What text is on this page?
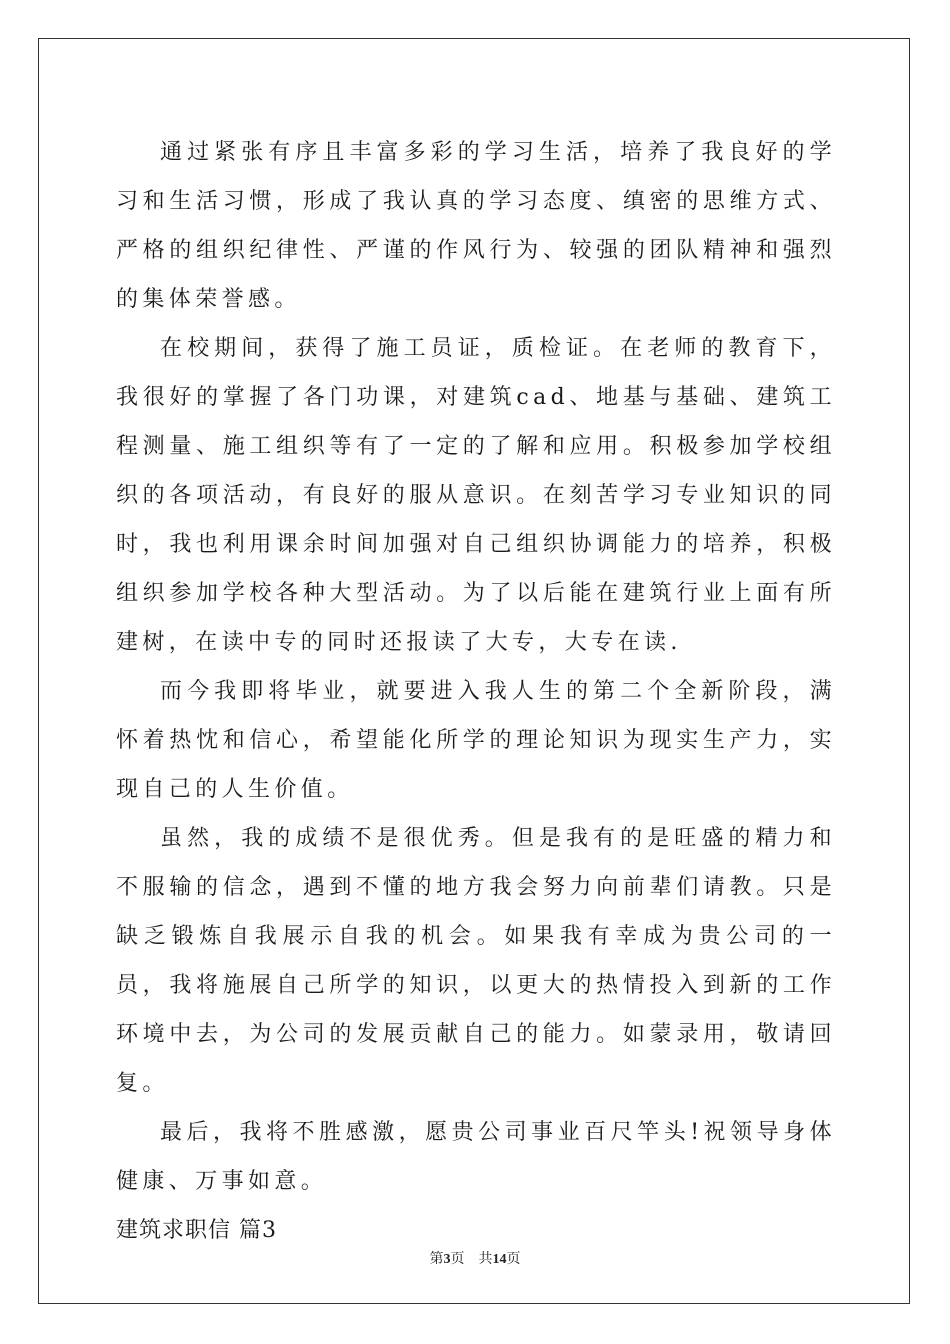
通过紧张有序且丰富多彩的学习生活，培养了我良好的学习和生活习惯，形成了我认真的学习态度、缜密的思维方式、严格的组织纪律性、严谨的作风行为、较强的团队精神和强烈的集体荣誉感。

在校期间，获得了施工员证，质检证。在老师的教育下，我很好的掌握了各门功课，对建筑cad、地基与基础、建筑工程测量、施工组织等有了一定的了解和应用。积极参加学校组织的各项活动，有良好的服从意识。在刻苦学习专业知识的同时，我也利用课余时间加强对自己组织协调能力的培养，积极组织参加学校各种大型活动。为了以后能在建筑行业上面有所建树，在读中专的同时还报读了大专，大专在读.

而今我即将毕业，就要进入我人生的第二个全新阶段，满怀着热忱和信心，希望能化所学的理论知识为现实生产力，实现自己的人生价值。

虽然，我的成绩不是很优秀。但是我有的是旺盛的精力和不服输的信念，遇到不懂的地方我会努力向前辈们请教。只是缺乏锻炼自我展示自我的机会。如果我有幸成为贵公司的一员，我将施展自己所学的知识，以更大的热情投入到新的工作环境中去，为公司的发展贡献自己的能力。如蒙录用，敬请回复。

最后，我将不胜感激，愿贵公司事业百尺竿头!祝领导身体健康、万事如意。

建筑求职信 篇3

第3页 共14页
